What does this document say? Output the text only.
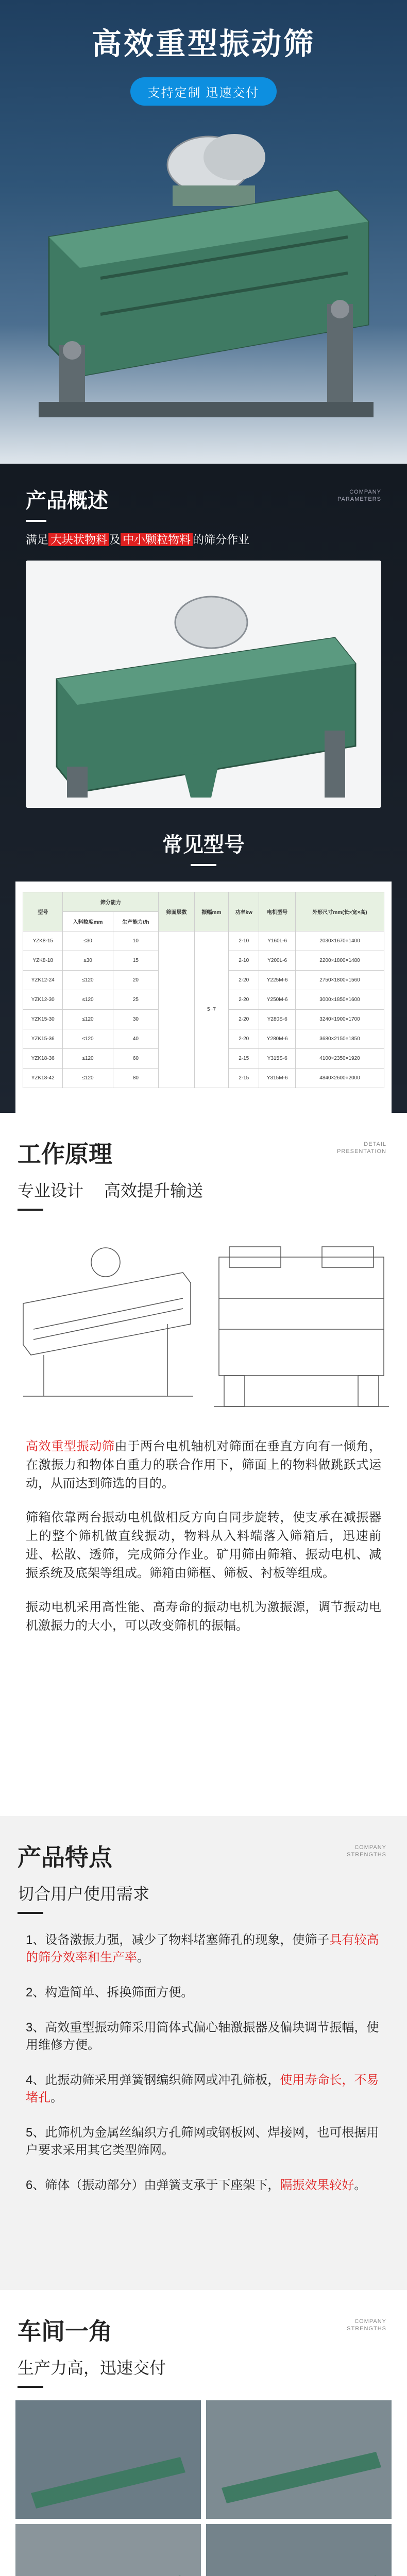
高效重型振动筛
支持定制 迅速交付
产品概述	COMPANY
PARAMETERS

满足 大块状物料 及 中小颗粒物料 的筛分作业

常见型号
型号	筛分能力		筛面层数	振幅mm	功率kw	电机型号	外形尺寸mm(长×宽×高)
	入料粒度mm	生产能力t/h					
YZK8-15	≤30	10		5~7	2-10	Y160L-6	2030×1670×1400
YZK8-18	≤30	15			2-10	Y200L-6	2200×1800×1480
YZK12-24	≤120	20			2-20	Y225M-6	2750×1800×1560
YZK12-30	≤120	25			2-20	Y250M-6	3000×1850×1600
YZK15-30	≤120	30			2-20	Y280S-6	3240×1900×1700
YZK15-36	≤120	40			2-20	Y280M-6	3680×2150×1850
YZK18-36	≤120	60			2-15	Y315S-6	4100×2350×1920
YZK18-42	≤120	80			2-15	Y315M-6	4840×2600×2000
工作原理	DETAIL
PRESENTATION
专业设计 高效提升输送

高效重型振动筛由于两台电机轴机对筛面在垂直方向有一倾角，在激振力和物体自重力的联合作用下，筛面上的物料做跳跃式运动，从而达到筛选的目的。

筛箱依靠两台振动电机做相反方向自同步旋转，使支承在减振器上的整个筛机做直线振动，物料从入料端落入筛箱后，迅速前进、松散、透筛，完成筛分作业。矿用筛由筛箱、振动电机、减振系统及底架等组成。筛箱由筛框、筛板、衬板等组成。

振动电机采用高性能、高寿命的振动电机为激振源，调节振动电机激振力的大小，可以改变筛机的振幅。

产品特点	COMPANY
STRENGTHS
切合用户使用需求

1、设备激振力强，减少了物料堵塞筛孔的现象，使筛子具有较高的筛分效率和生产率。

2、构造简单、拆换筛面方便。

3、高效重型振动筛采用筒体式偏心轴激振器及偏块调节振幅，使用维修方便。

4、此振动筛采用弹簧钢编织筛网或冲孔筛板，使用寿命长，不易堵孔。

5、此筛机为金属丝编织方孔筛网或钢板网、焊接网，也可根据用户要求采用其它类型筛网。

6、筛体（振动部分）由弹簧支承于下座架下，隔振效果较好。

车间一角	COMPANY
STRENGTHS
生产力高，迅速交付
